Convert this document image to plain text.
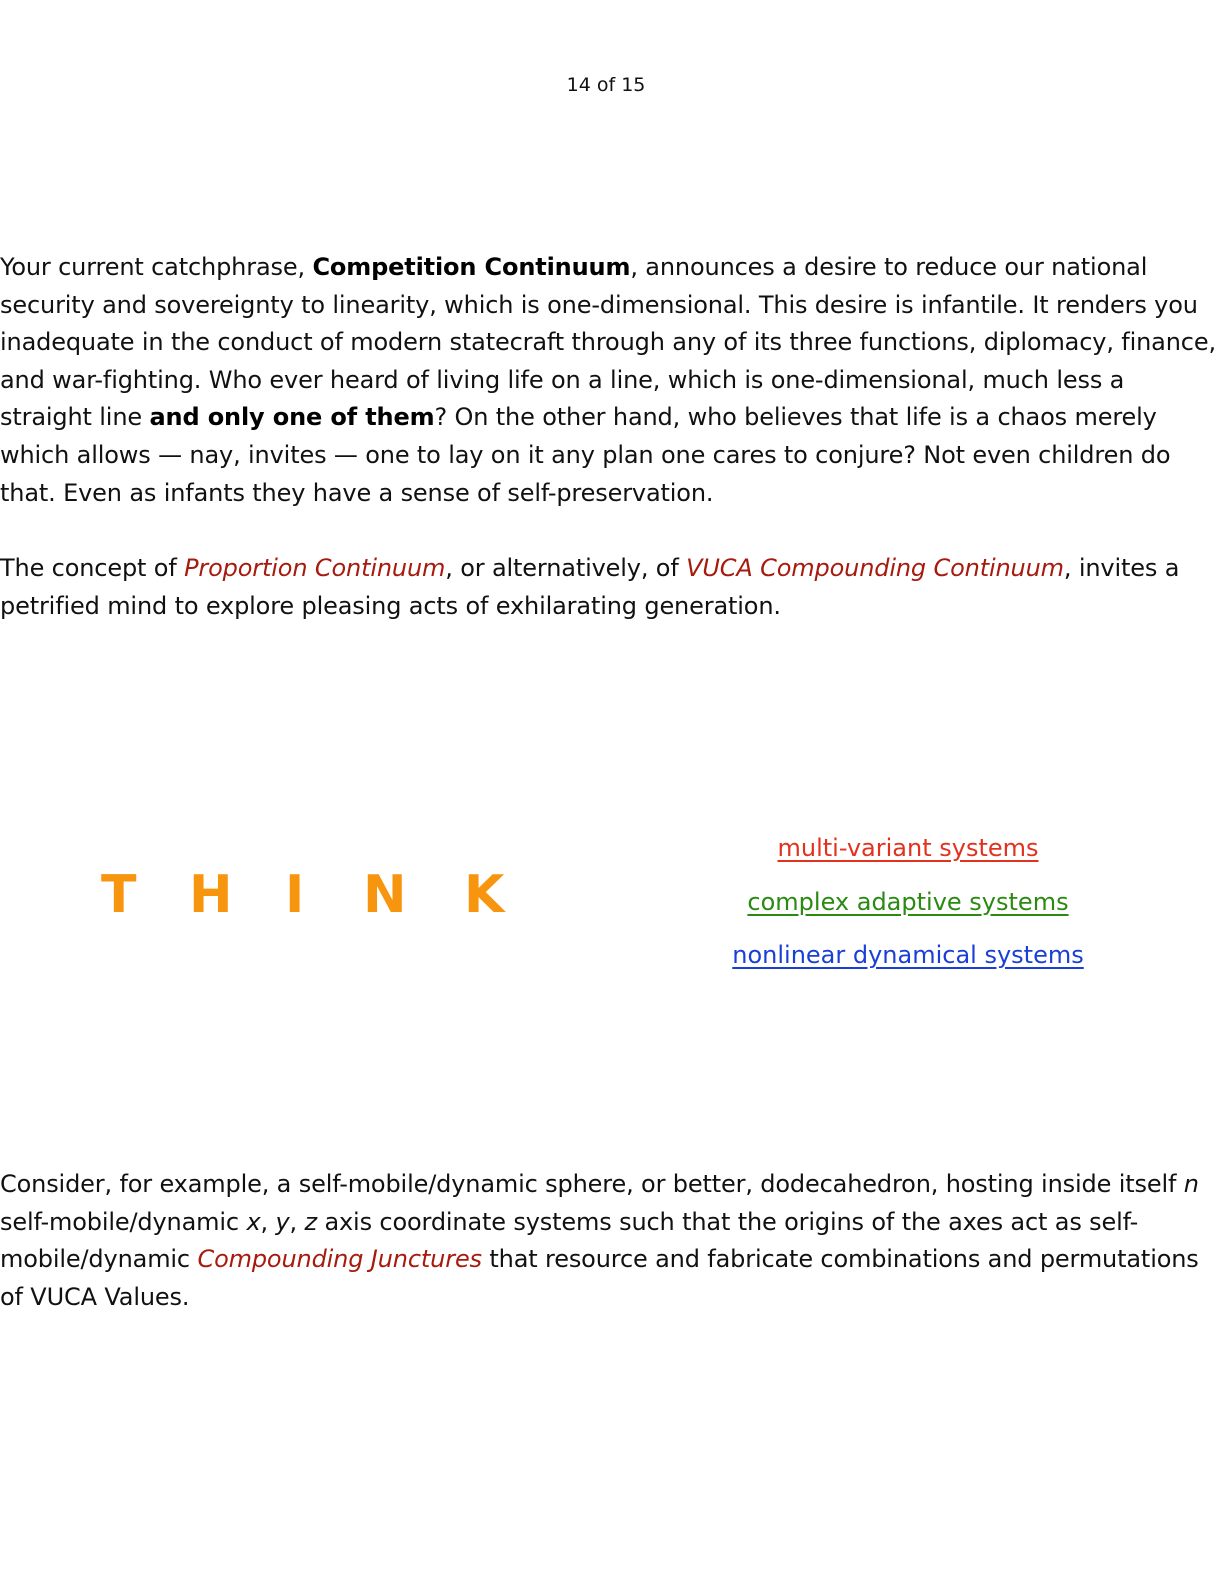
14 of 15

Your current catchphrase, Competition Continuum, announces a desire to reduce our national security and sovereignty to linearity, which is one-dimensional. This desire is infantile. It renders you inadequate in the conduct of modern statecraft through any of its three functions, diplomacy, finance, and war-fighting. Who ever heard of living life on a line, which is one-dimensional, much less a straight line and only one of them? On the other hand, who believes that life is a chaos merely which allows — nay, invites — one to lay on it any plan one cares to conjure? Not even children do that. Even as infants they have a sense of self-preservation.

The concept of Proportion Continuum, or alternatively, of VUCA Compounding Continuum, invites a petrified mind to explore pleasing acts of exhilarating generation.

T H I N K
multi-variant systems
complex adaptive systems
nonlinear dynamical systems

Consider, for example, a self-mobile/dynamic sphere, or better, dodecahedron, hosting inside itself n self-mobile/dynamic x, y, z axis coordinate systems such that the origins of the axes act as self-mobile/dynamic Compounding Junctures that resource and fabricate combinations and permutations of VUCA Values.
